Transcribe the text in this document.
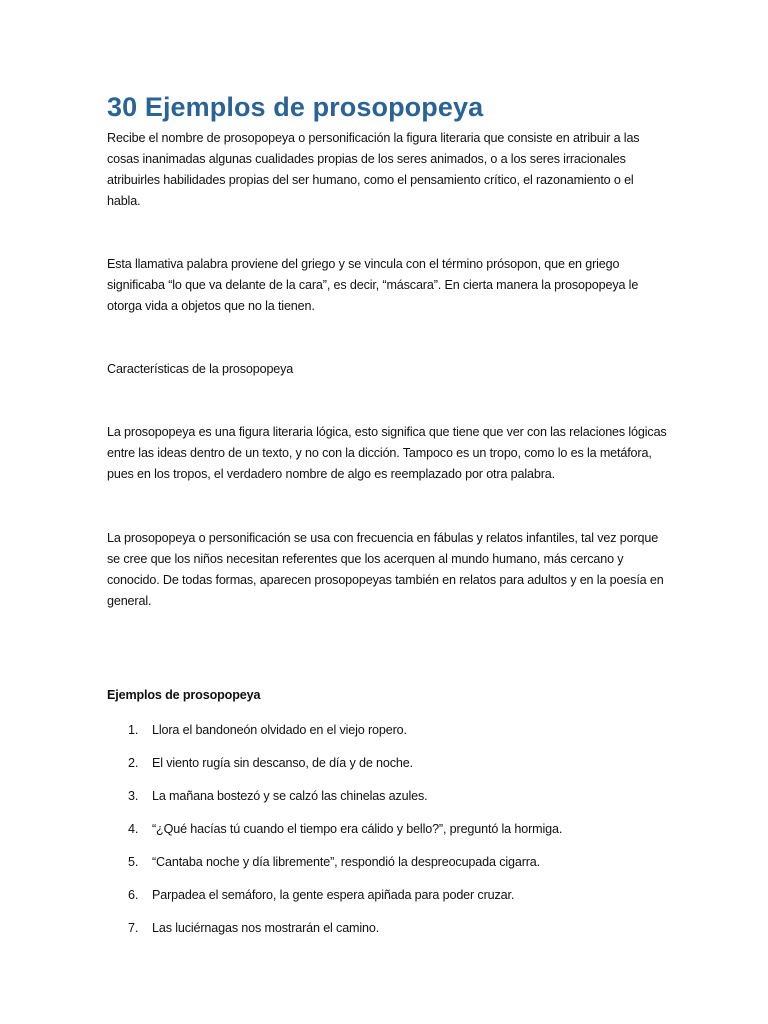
30 Ejemplos de prosopopeya

Recibe el nombre de prosopopeya o personificación la figura literaria que consiste en atribuir a las cosas inanimadas algunas cualidades propias de los seres animados, o a los seres irracionales atribuirles habilidades propias del ser humano, como el pensamiento crítico, el razonamiento o el habla.

Esta llamativa palabra proviene del griego y se vincula con el término prósopon, que en griego significaba “lo que va delante de la cara”, es decir, “máscara”. En cierta manera la prosopopeya le otorga vida a objetos que no la tienen.

Características de la prosopopeya

La prosopopeya es una figura literaria lógica, esto significa que tiene que ver con las relaciones lógicas entre las ideas dentro de un texto, y no con la dicción. Tampoco es un tropo, como lo es la metáfora, pues en los tropos, el verdadero nombre de algo es reemplazado por otra palabra.

La prosopopeya o personificación se usa con frecuencia en fábulas y relatos infantiles, tal vez porque se cree que los niños necesitan referentes que los acerquen al mundo humano, más cercano y conocido. De todas formas, aparecen prosopopeyas también en relatos para adultos y en la poesía en general.

Ejemplos de prosopopeya

1.	Llora el bandoneón olvidado en el viejo ropero.
2.	El viento rugía sin descanso, de día y de noche.
3.	La mañana bostezó y se calzó las chinelas azules.
4.	“¿Qué hacías tú cuando el tiempo era cálido y bello?”, preguntó la hormiga.
5.	“Cantaba noche y día libremente”, respondió la despreocupada cigarra.
6.	Parpadea el semáforo, la gente espera apiñada para poder cruzar.
7.	Las luciérnagas nos mostrarán el camino.
